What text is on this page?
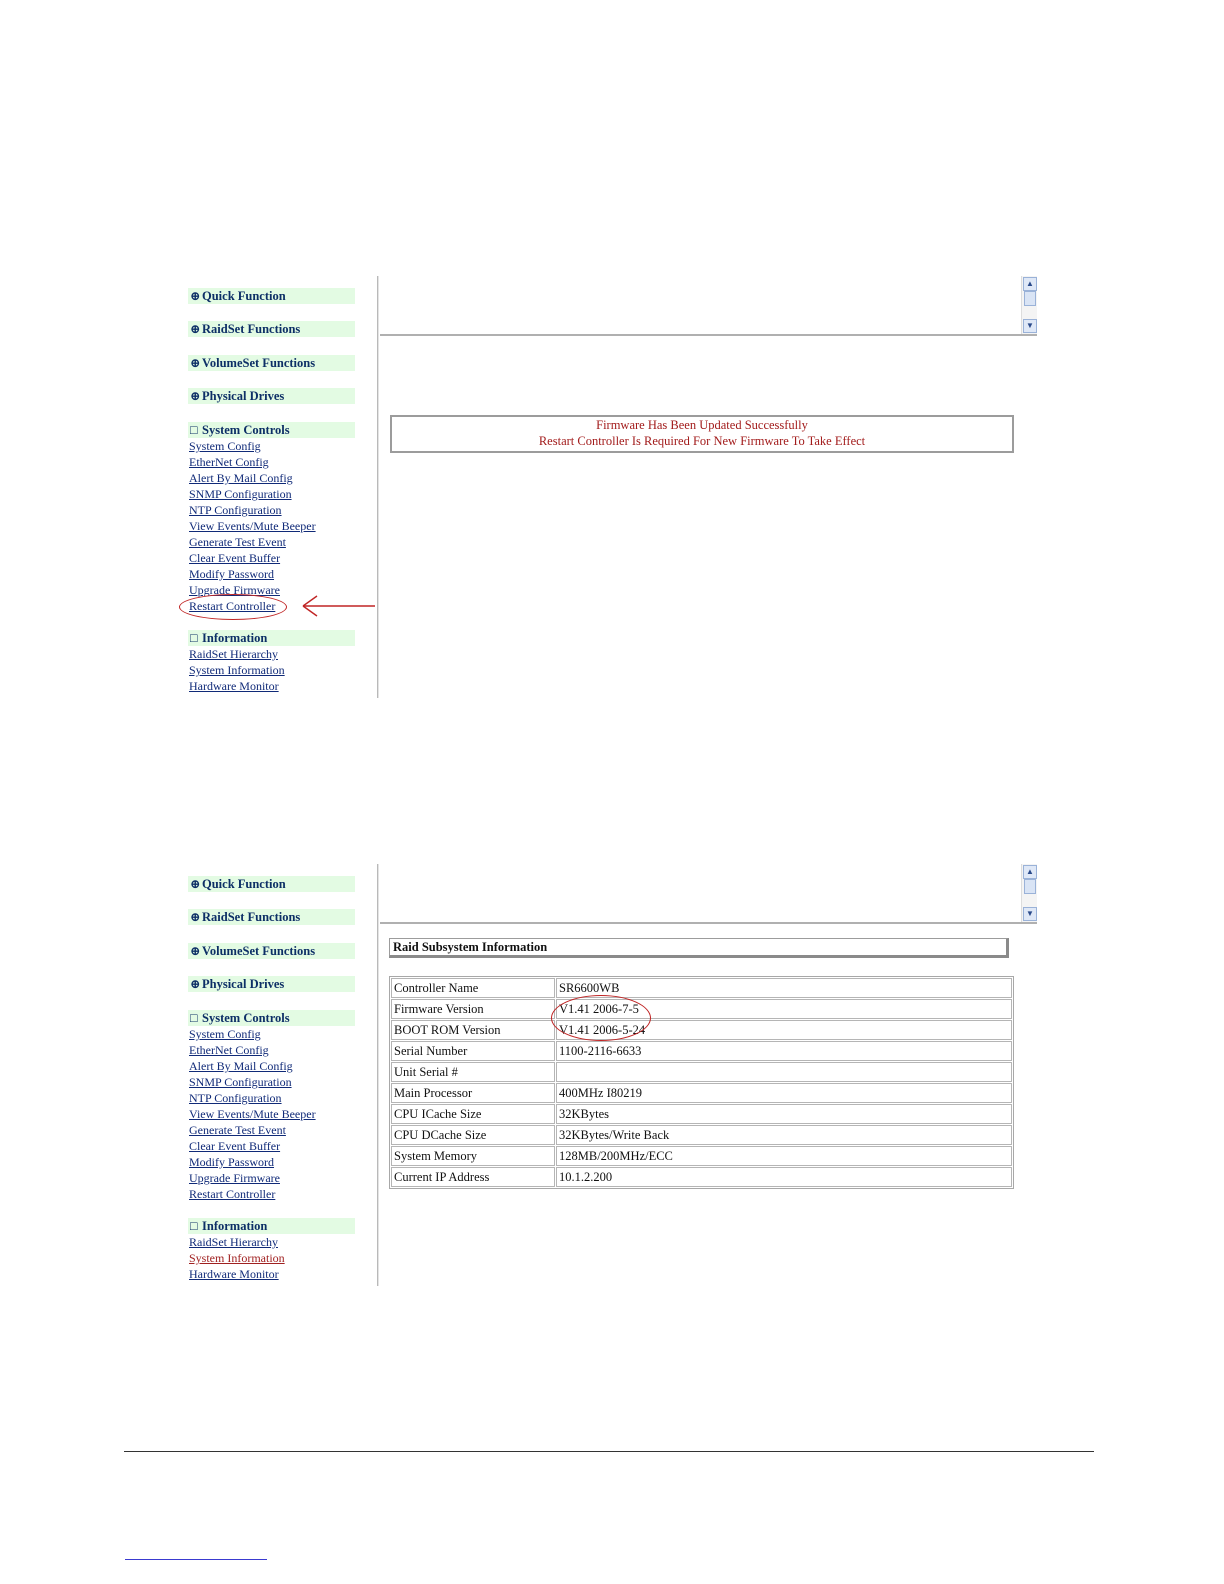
⊕ Quick Function
⊕ RaidSet Functions
⊕ VolumeSet Functions
⊕ Physical Drives
□ System Controls
System Config
EtherNet Config
Alert By Mail Config
SNMP Configuration
NTP Configuration
View Events/Mute Beeper
Generate Test Event
Clear Event Buffer
Modify Password
Upgrade Firmware
Restart Controller
□ Information
RaidSet Hierarchy
System Information
Hardware Monitor
▲
▼
Firmware Has Been Updated Successfully
Restart Controller Is Required For New Firmware To Take Effect
⊕ Quick Function
⊕ RaidSet Functions
⊕ VolumeSet Functions
⊕ Physical Drives
□ System Controls
System Config
EtherNet Config
Alert By Mail Config
SNMP Configuration
NTP Configuration
View Events/Mute Beeper
Generate Test Event
Clear Event Buffer
Modify Password
Upgrade Firmware
Restart Controller
□ Information
RaidSet Hierarchy
System Information
Hardware Monitor
▲
▼
Raid Subsystem Information
Controller Name	SR6600WB
Firmware Version	V1.41 2006-7-5
BOOT ROM Version	V1.41 2006-5-24
Serial Number	1100-2116-6633
Unit Serial #	
Main Processor	400MHz I80219
CPU ICache Size	32KBytes
CPU DCache Size	32KBytes/Write Back
System Memory	128MB/200MHz/ECC
Current IP Address	10.1.2.200
